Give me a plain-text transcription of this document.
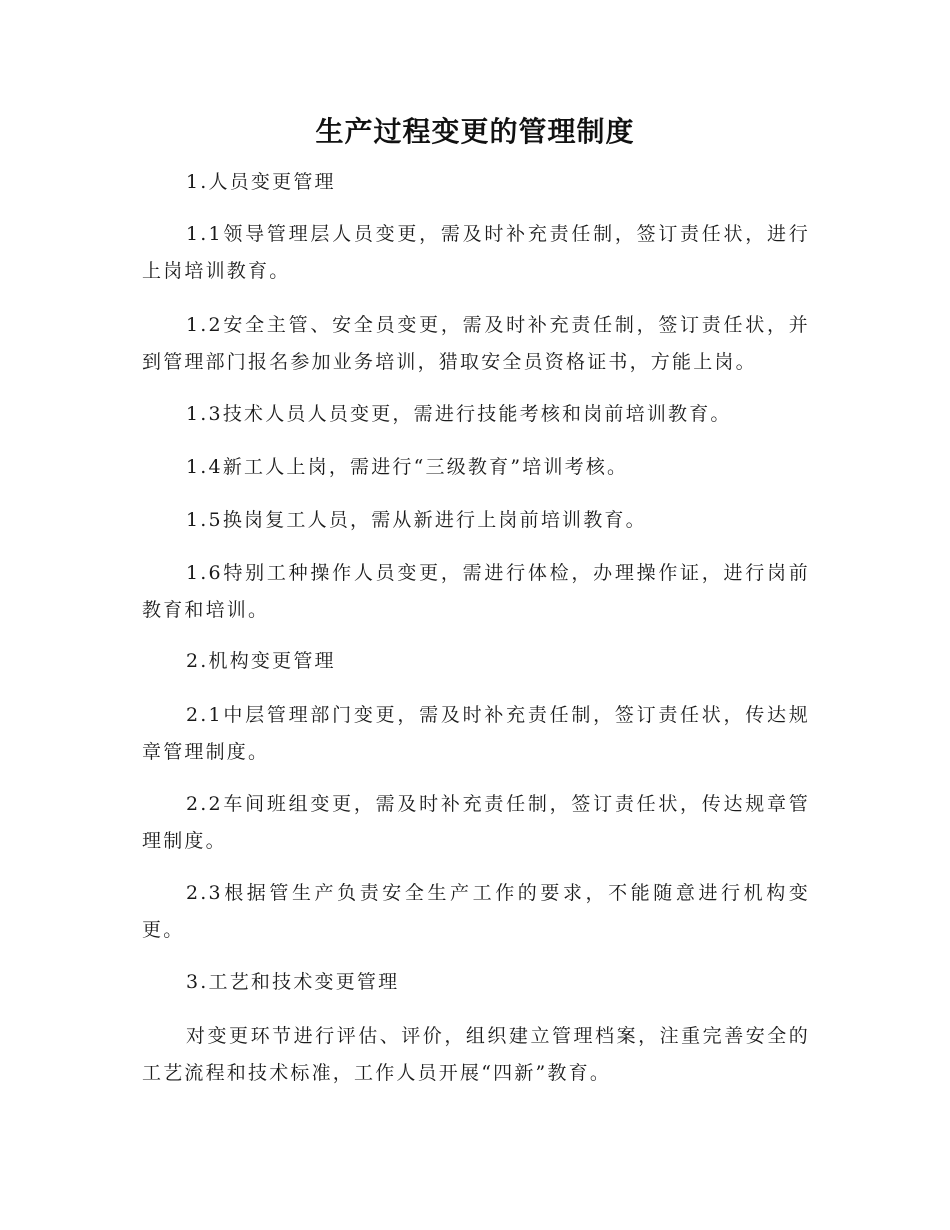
生产过程变更的管理制度
1.人员变更管理
1.1领导管理层人员变更，需及时补充责任制，签订责任状，进行上岗培训教育。
1.2安全主管、安全员变更，需及时补充责任制，签订责任状，并到管理部门报名参加业务培训，猎取安全员资格证书，方能上岗。
1.3技术人员人员变更，需进行技能考核和岗前培训教育。
1.4新工人上岗，需进行“三级教育”培训考核。
1.5换岗复工人员，需从新进行上岗前培训教育。
1.6特别工种操作人员变更，需进行体检，办理操作证，进行岗前教育和培训。
2.机构变更管理
2.1中层管理部门变更，需及时补充责任制，签订责任状，传达规章管理制度。
2.2车间班组变更，需及时补充责任制，签订责任状，传达规章管理制度。
2.3根据管生产负责安全生产工作的要求，不能随意进行机构变更。
3.工艺和技术变更管理
对变更环节进行评估、评价，组织建立管理档案，注重完善安全的工艺流程和技术标准，工作人员开展“四新”教育。
